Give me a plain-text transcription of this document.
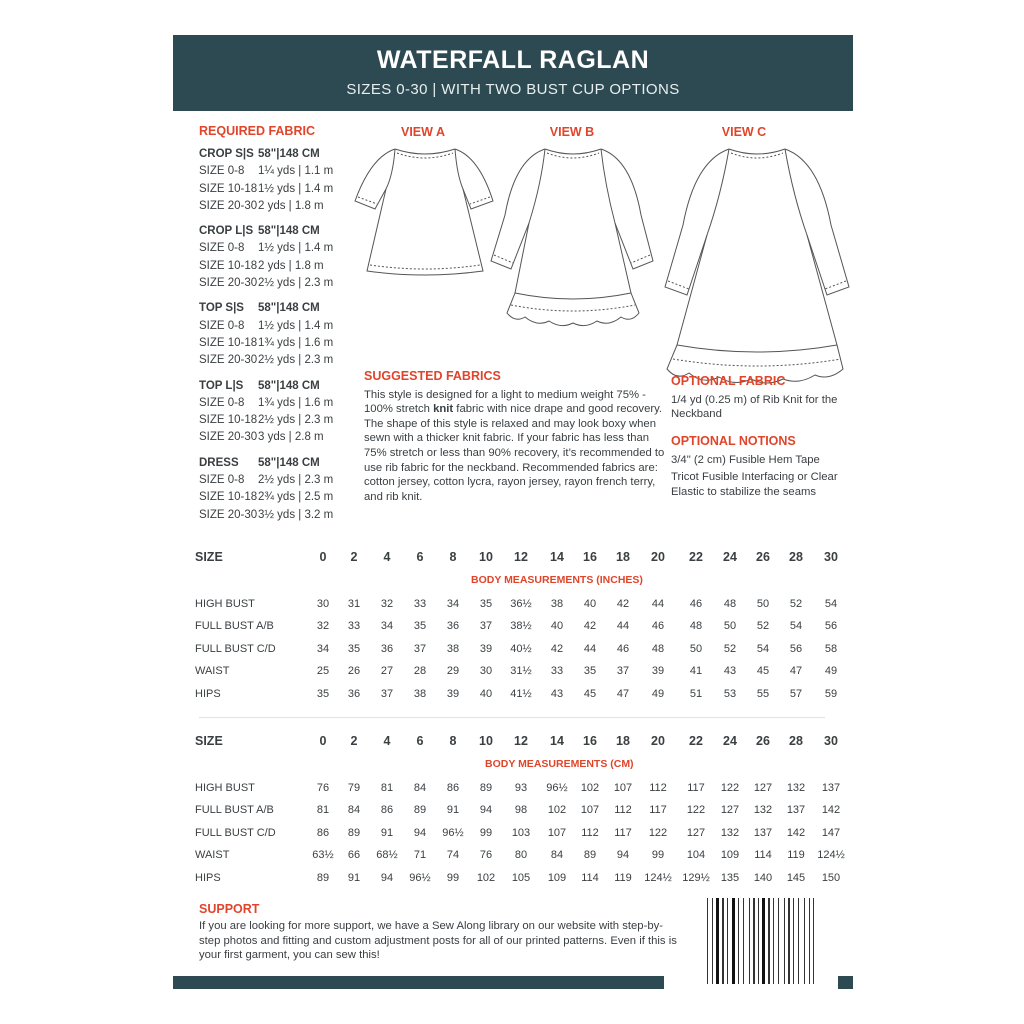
WATERFALL RAGLAN
SIZES 0-30 | WITH TWO BUST CUP OPTIONS
REQUIRED FABRIC
CROP S|S 58"|148 CM
SIZE 0-8	1¼ yds | 1.1 m
SIZE 10-18 1½ yds | 1.4 m
SIZE 20-30 2 yds | 1.8 m
CROP L|S 58"|148 CM
SIZE 0-8	1½ yds | 1.4 m
SIZE 10-18 2 yds | 1.8 m
SIZE 20-30 2½ yds | 2.3 m
TOP S|S	58"|148 CM
SIZE 0-8	1½ yds | 1.4 m
SIZE 10-18 1¾ yds | 1.6 m
SIZE 20-30 2½ yds | 2.3 m
TOP L|S	58"|148 CM
SIZE 0-8	1¾ yds | 1.6 m
SIZE 10-18 2½ yds | 2.3 m
SIZE 20-30 3 yds | 2.8 m
DRESS	58"|148 CM
SIZE 0-8	2½ yds | 2.3 m
SIZE 10-18 2¾ yds | 2.5 m
SIZE 20-30 3½ yds | 3.2 m
VIEW A	VIEW B	VIEW C
SUGGESTED FABRICS

This style is designed for a light to medium weight 75% - 100% stretch knit fabric with nice drape and good recovery. The shape of this style is relaxed and may look boxy when sewn with a thicker knit fabric. If your fabric has less than 75% stretch or less than 90% recovery, it’s recommended to use rib fabric for the neckband. Recommended fabrics are: cotton jersey, cotton lycra, rayon jersey, rayon french terry, and rib knit.

OPTIONAL FABRIC

1/4 yd (0.25 m) of Rib Knit for the Neckband

OPTIONAL NOTIONS

3/4" (2 cm) Fusible Hem Tape

Tricot Fusible Interfacing or Clear Elastic to stabilize the seams

SIZE	0	2	4	6	8	10	12	14	16	18	20	22	24	26	28	30
BODY MEASUREMENTS (INCHES)
HIGH BUST	30	31	32	33	34	35	36½	38	40	42	44	46	48	50	52	54
FULL BUST A/B	32	33	34	35	36	37	38½	40	42	44	46	48	50	52	54	56
FULL BUST C/D	34	35	36	37	38	39	40½	42	44	46	48	50	52	54	56	58
WAIST	25	26	27	28	29	30	31½	33	35	37	39	41	43	45	47	49
HIPS	35	36	37	38	39	40	41½	43	45	47	49	51	53	55	57	59
SIZE	0	2	4	6	8	10	12	14	16	18	20	22	24	26	28	30
BODY MEASUREMENTS (CM)
HIGH BUST	76	79	81	84	86	89	93	96½	102	107	112	117	122	127	132	137
FULL BUST A/B	81	84	86	89	91	94	98	102	107	112	117	122	127	132	137	142
FULL BUST C/D	86	89	91	94	96½	99	103	107	112	117	122	127	132	137	142	147
WAIST	63½	66	68½	71	74	76	80	84	89	94	99	104	109	114	119	124½
HIPS	89	91	94	96½	99	102	105	109	114	119	124½ 129½	135	140	145	150
SUPPORT
If you are looking for more support, we have a Sew Along library on our website with step-by-step photos and fitting and custom adjustment posts for all of our printed patterns. Even if this is your first garment, you can sew this!
